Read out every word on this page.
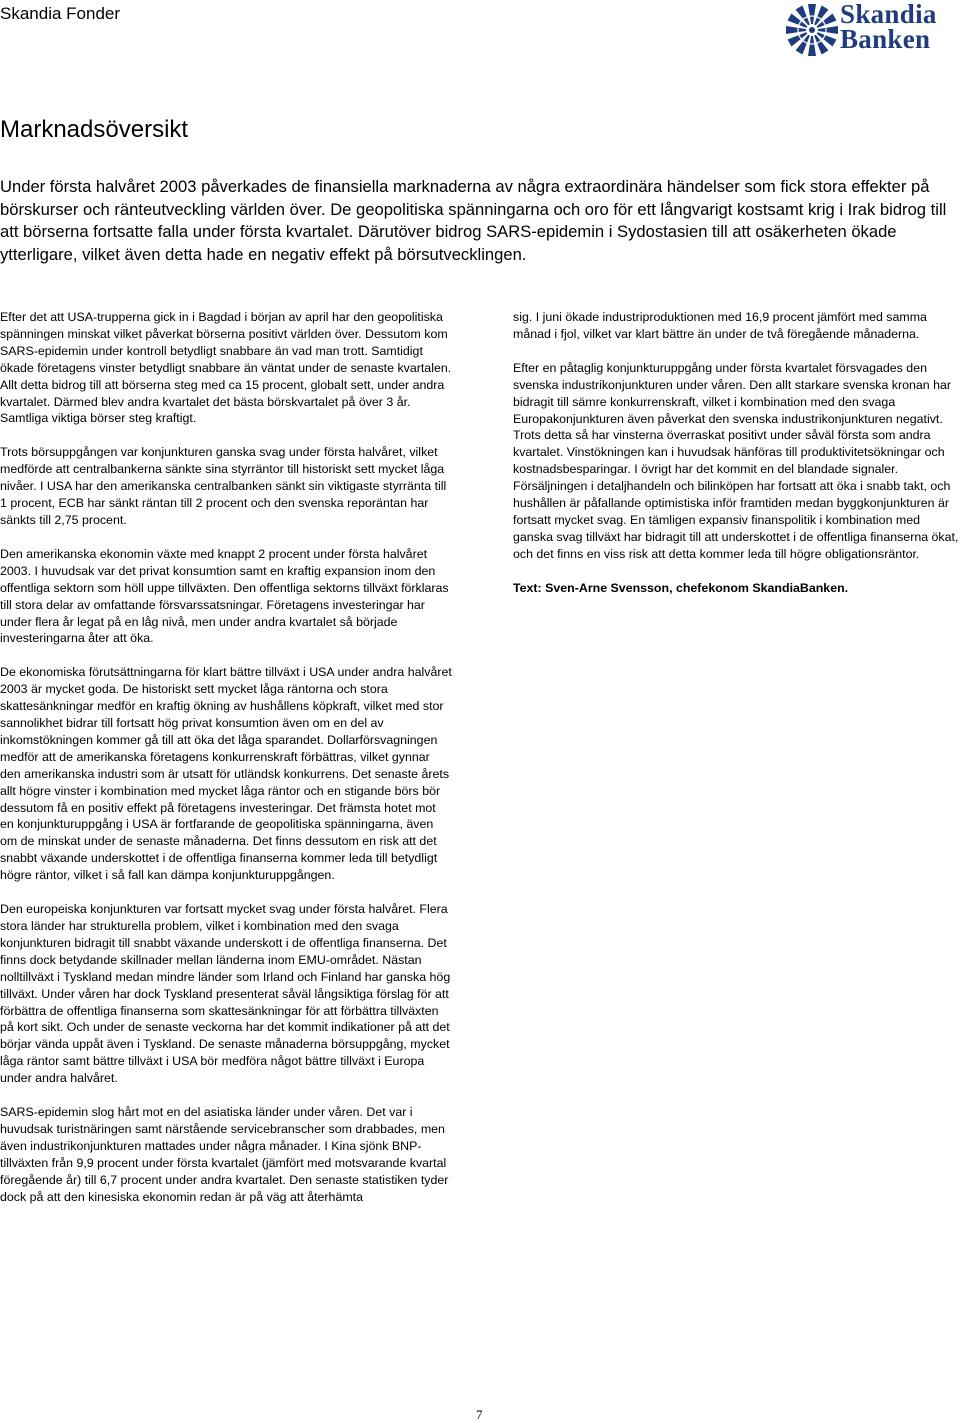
Skandia Fonder	Skandia
Banken
Marknadsöversikt

Under första halvåret 2003 påverkades de finansiella marknaderna av några extraordinära händelser som fick stora effekter på börskurser och ränteutveckling världen över. De geopolitiska spänningarna och oro för ett långvarigt kostsamt krig i Irak bidrog till att börserna fortsatte falla under första kvartalet. Därutöver bidrog SARS-epidemin i Sydostasien till att osäkerheten ökade ytterligare, vilket även detta hade en negativ effekt på börsutvecklingen.

Efter det att USA-trupperna gick in i Bagdad i början av april har den geopolitiska spänningen minskat vilket påverkat börserna positivt världen över. Dessutom kom SARS-epidemin under kontroll betydligt snabbare än vad man trott. Samtidigt ökade företagens vinster betydligt snabbare än väntat under de senaste kvartalen. Allt detta bidrog till att börserna steg med ca 15 procent, globalt sett, under andra kvartalet. Därmed blev andra kvartalet det bästa börskvartalet på över 3 år. Samtliga viktiga börser steg kraftigt.

Trots börsuppgången var konjunkturen ganska svag under första halvåret, vilket medförde att centralbankerna sänkte sina styrräntor till historiskt sett mycket låga nivåer. I USA har den amerikanska centralbanken sänkt sin viktigaste styrränta till 1 procent, ECB har sänkt räntan till 2 procent och den svenska reporäntan har sänkts till 2,75 procent.

Den amerikanska ekonomin växte med knappt 2 procent under första halvåret 2003. I huvudsak var det privat konsumtion samt en kraftig expansion inom den offentliga sektorn som höll uppe tillväxten. Den offentliga sektorns tillväxt förklaras till stora delar av omfattande försvarssatsningar. Företagens investeringar har under flera år legat på en låg nivå, men under andra kvartalet så började investeringarna åter att öka.

De ekonomiska förutsättningarna för klart bättre tillväxt i USA under andra halvåret 2003 är mycket goda. De historiskt sett mycket låga räntorna och stora skattesänkningar medför en kraftig ökning av hushållens köpkraft, vilket med stor sannolikhet bidrar till fortsatt hög privat konsumtion även om en del av inkomstökningen kommer gå till att öka det låga sparandet. Dollarförsvagningen medför att de amerikanska företagens konkurrenskraft förbättras, vilket gynnar den amerikanska industri som är utsatt för utländsk konkurrens. Det senaste årets allt högre vinster i kombination med mycket låga räntor och en stigande börs bör dessutom få en positiv effekt på företagens investeringar. Det främsta hotet mot en konjunkturuppgång i USA är fortfarande de geopolitiska spänningarna, även om de minskat under de senaste månaderna. Det finns dessutom en risk att det snabbt växande underskottet i de offentliga finanserna kommer leda till betydligt högre räntor, vilket i så fall kan dämpa konjunkturuppgången.

Den europeiska konjunkturen var fortsatt mycket svag under första halvåret. Flera stora länder har strukturella problem, vilket i kombination med den svaga konjunkturen bidragit till snabbt växande underskott i de offentliga finanserna. Det finns dock betydande skillnader mellan länderna inom EMU-området. Nästan nolltillväxt i Tyskland medan mindre länder som Irland och Finland har ganska hög tillväxt. Under våren har dock Tyskland presenterat såväl långsiktiga förslag för att förbättra de offentliga finanserna som skattesänkningar för att förbättra tillväxten på kort sikt. Och under de senaste veckorna har det kommit indikationer på att det börjar vända uppåt även i Tyskland. De senaste månaderna börsuppgång, mycket låga räntor samt bättre tillväxt i USA bör medföra något bättre tillväxt i Europa under andra halvåret.

SARS-epidemin slog hårt mot en del asiatiska länder under våren. Det var i huvudsak turistnäringen samt närstående servicebranscher som drabbades, men även industrikonjunkturen mattades under några månader. I Kina sjönk BNP-tillväxten från 9,9 procent under första kvartalet (jämfört med motsvarande kvartal föregående år) till 6,7 procent under andra kvartalet. Den senaste statistiken tyder dock på att den kinesiska ekonomin redan är på väg att återhämta

sig. I juni ökade industriproduktionen med 16,9 procent jämfört med samma månad i fjol, vilket var klart bättre än under de två föregående månaderna.

Efter en påtaglig konjunkturuppgång under första kvartalet försvagades den svenska industrikonjunkturen under våren. Den allt starkare svenska kronan har bidragit till sämre konkurrenskraft, vilket i kombination med den svaga Europakonjunkturen även påverkat den svenska industrikonjunkturen negativt. Trots detta så har vinsterna överraskat positivt under såväl första som andra kvartalet. Vinstökningen kan i huvudsak hänföras till produktivitetsökningar och kostnadsbesparingar. I övrigt har det kommit en del blandade signaler. Försäljningen i detaljhandeln och bilinköpen har fortsatt att öka i snabb takt, och hushållen är påfallande optimistiska inför framtiden medan byggkonjunkturen är fortsatt mycket svag. En tämligen expansiv finanspolitik i kombination med ganska svag tillväxt har bidragit till att underskottet i de offentliga finanserna ökat, och det finns en viss risk att detta kommer leda till högre obligationsräntor.

Text: Sven-Arne Svensson, chefekonom SkandiaBanken.

7
